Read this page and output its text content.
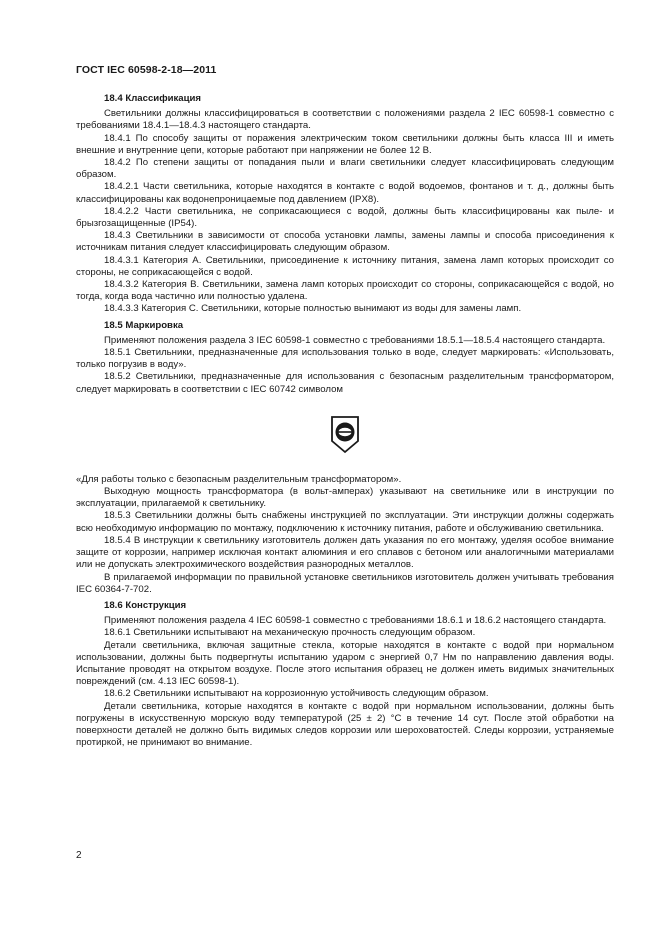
ГОСТ IEC 60598-2-18—2011

18.4 Классификация

Светильники должны классифицироваться в соответствии с положениями раздела 2 IEC 60598-1 совместно с требованиями 18.4.1—18.4.3 настоящего стандарта.

18.4.1 По способу защиты от поражения электрическим током светильники должны быть класса III и иметь внешние и внутренние цепи, которые работают при напряжении не более 12 В.

18.4.2 По степени защиты от попадания пыли и влаги светильники следует классифицировать следующим образом.

18.4.2.1 Части светильника, которые находятся в контакте с водой водоемов, фонтанов и т. д., должны быть классифицированы как водонепроницаемые под давлением (IPX8).

18.4.2.2 Части светильника, не соприкасающиеся с водой, должны быть классифицированы как пыле- и брызгозащищенные (IP54).

18.4.3 Светильники в зависимости от способа установки лампы, замены лампы и способа присоединения к источникам питания следует классифицировать следующим образом.

18.4.3.1 Категория А. Светильники, присоединение к источнику питания, замена ламп которых происходит со стороны, не соприкасающейся с водой.

18.4.3.2 Категория В. Светильники, замена ламп которых происходит со стороны, соприкасающейся с водой, но тогда, когда вода частично или полностью удалена.

18.4.3.3 Категория С. Светильники, которые полностью вынимают из воды для замены ламп.

18.5 Маркировка

Применяют положения раздела 3 IEC 60598-1 совместно с требованиями 18.5.1—18.5.4 настоящего стандарта.

18.5.1 Светильники, предназначенные для использования только в воде, следует маркировать: «Использовать, только погрузив в воду».

18.5.2 Светильники, предназначенные для использования с безопасным разделительным трансформатором, следует маркировать в соответствии с IEC 60742 символом

«Для работы только с безопасным разделительным трансформатором».

Выходную мощность трансформатора (в вольт-амперах) указывают на светильнике или в инструкции по эксплуатации, прилагаемой к светильнику.

18.5.3 Светильники должны быть снабжены инструкцией по эксплуатации. Эти инструкции должны содержать всю необходимую информацию по монтажу, подключению к источнику питания, работе и обслуживанию светильника.

18.5.4 В инструкции к светильнику изготовитель должен дать указания по его монтажу, уделяя особое внимание защите от коррозии, например исключая контакт алюминия и его сплавов с бетоном или аналогичными материалами или не допускать электрохимического воздействия разнородных металлов.

В прилагаемой информации по правильной установке светильников изготовитель должен учитывать требования IEC 60364-7-702.

18.6 Конструкция

Применяют положения раздела 4 IEC 60598-1 совместно с требованиями 18.6.1 и 18.6.2 настоящего стандарта.

18.6.1 Светильники испытывают на механическую прочность следующим образом.

Детали светильника, включая защитные стекла, которые находятся в контакте с водой при нормальном использовании, должны быть подвергнуты испытанию ударом с энергией 0,7 Нм по направлению давления воды. Испытание проводят на открытом воздухе. После этого испытания образец не должен иметь видимых значительных повреждений (см. 4.13 IEC 60598-1).

18.6.2 Светильники испытывают на коррозионную устойчивость следующим образом.

Детали светильника, которые находятся в контакте с водой при нормальном использовании, должны быть погружены в искусственную морскую воду температурой (25 ± 2) °С в течение 14 сут. После этой обработки на поверхности деталей не должно быть видимых следов коррозии или шероховатостей. Следы коррозии, устраняемые протиркой, не принимают во внимание.

2
